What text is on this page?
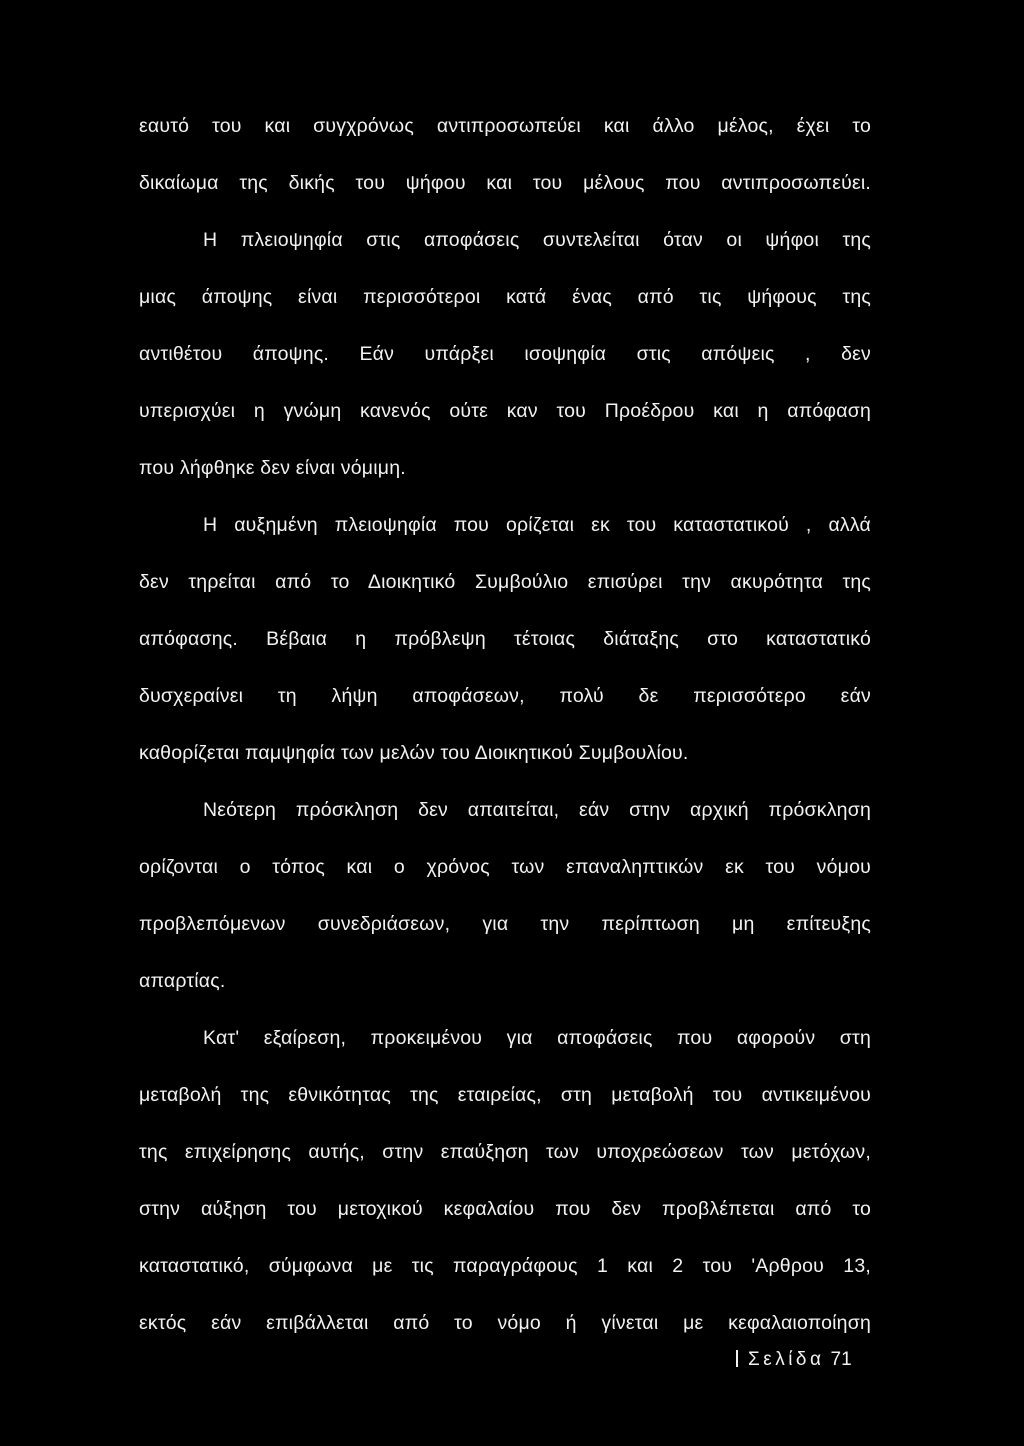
εαυτό του και συγχρόνως αντιπροσωπεύει και άλλο μέλος, έχει το
δικαίωμα της δικής του ψήφου και του μέλους που αντιπροσωπεύει.
Η πλειοψηφία στις αποφάσεις συντελείται όταν οι ψήφοι της
μιας άποψης είναι περισσότεροι κατά ένας από τις ψήφους της
αντιθέτου άποψης. Εάν υπάρξει ισοψηφία στις απόψεις , δεν
υπερισχύει η γνώμη κανενός ούτε καν του Προέδρου και η απόφαση
που λήφθηκε δεν είναι νόμιμη.
Η αυξημένη πλειοψηφία που ορίζεται εκ του καταστατικού , αλλά
δεν τηρείται από το Διοικητικό Συμβούλιο επισύρει την ακυρότητα της
απόφασης. Βέβαια η πρόβλεψη τέτοιας διάταξης στο καταστατικό
δυσχεραίνει τη λήψη αποφάσεων, πολύ δε περισσότερο εάν
καθορίζεται παμψηφία των μελών του Διοικητικού Συμβουλίου.
Νεότερη πρόσκληση δεν απαιτείται, εάν στην αρχική πρόσκληση
ορίζονται ο τόπος και ο χρόνος των επαναληπτικών εκ του νόμου
προβλεπόμενων συνεδριάσεων, για την περίπτωση μη επίτευξης
απαρτίας.
Κατ' εξαίρεση, προκειμένου για αποφάσεις που αφορούν στη
μεταβολή της εθνικότητας της εταιρείας, στη μεταβολή του αντικειμένου
της επιχείρησης αυτής, στην επαύξηση των υποχρεώσεων των μετόχων,
στην αύξηση του μετοχικού κεφαλαίου που δεν προβλέπεται από το
καταστατικό, σύμφωνα με τις παραγράφους 1 και 2 του 'Αρθρου 13,
εκτός εάν επιβάλλεται από το νόμο ή γίνεται με κεφαλαιοποίηση
Σελίδα 71
